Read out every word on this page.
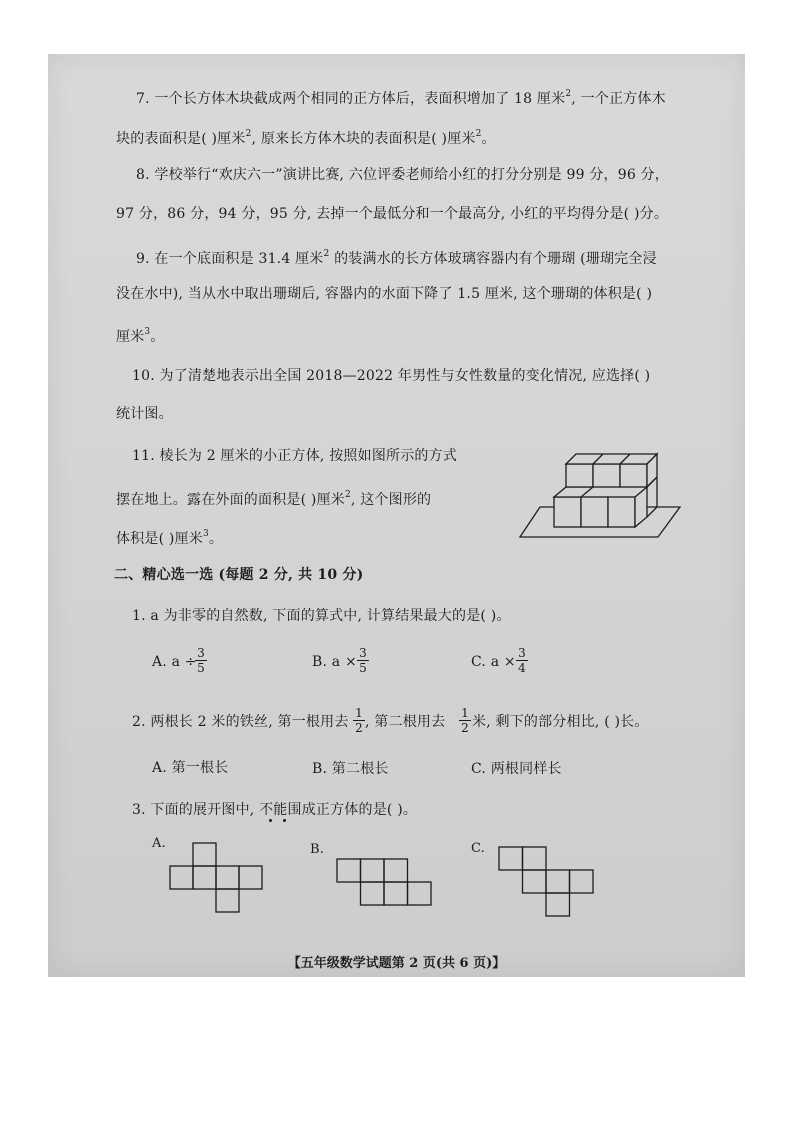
7. 一个长方体木块截成两个相同的正方体后，表面积增加了 18 厘米$^2$, 一个正方体木
块的表面积是( )厘米$^2$, 原来长方体木块的表面积是( )厘米$^2$。
8. 学校举行“欢庆六一”演讲比赛, 六位评委老师给小红的打分分别是 99 分，96 分，
97 分，86 分，94 分，95 分, 去掉一个最低分和一个最高分, 小红的平均得分是( )分。
9. 在一个底面积是 31.4 厘米$^2$ 的装满水的长方体玻璃容器内有个珊瑚 (珊瑚完全浸
没在水中), 当从水中取出珊瑚后, 容器内的水面下降了 1.5 厘米, 这个珊瑚的体积是( )
厘米$^3$。
10. 为了清楚地表示出全国 2018—2022 年男性与女性数量的变化情况, 应选择( )
统计图。
11. 棱长为 2 厘米的小正方体, 按照如图所示的方式
摆在地上。露在外面的面积是( )厘米$^2$, 这个图形的
体积是( )厘米$^3$。
二、精心选一选 (每题 2 分, 共 10 分)
1. a 为非零的自然数, 下面的算式中, 计算结果最大的是( )。
A. a ÷
$\frac{3}{5}$	B. $a \times \frac{3}{5}$	C. $a \times \frac{3}{4}$
2. 两根长 2 米的铁丝, 第一根用去 $\frac{1}{2}$ , 第二根用去 $\frac{1}{2}$ 米, 剩下的部分相比, ( )长。
A. 第一根长	B. 第二根长	C. 两根同样长
3. 下面的展开图中, 不能围成正方体的是( )。
A.	B.	C.
【五年级数学试题第 2 页(共 6 页)】
